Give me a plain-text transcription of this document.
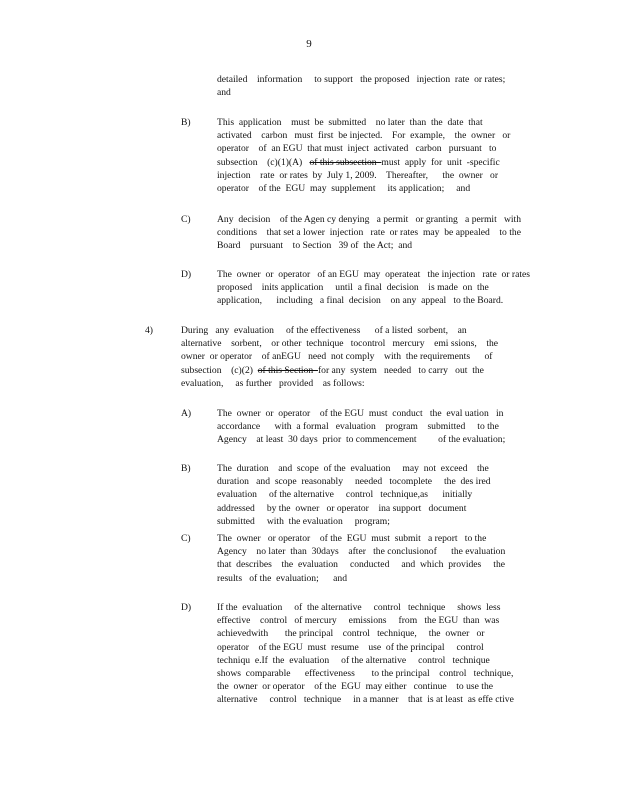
9
detailed    information     to support   the proposed   injection  rate  or rates;
and
B)	This  application    must  be  submitted    no later  than  the  date  that
activated    carbon   must  first  be injected.    For  example,    the  owner   or
operator    of  an EGU  that must  inject  activated   carbon   pursuant   to
subsection    (c)(1)(A)   of this subsection  must  apply  for  unit  -specific
injection    rate  or rates  by  July 1, 2009.    Thereafter,      the  owner   or
operator    of the  EGU  may  supplement     its application;     and
C)	Any  decision    of the Agen cy denying   a permit   or granting   a permit   with
conditions    that set a lower  injection   rate  or rates  may  be appealed    to the
Board    pursuant    to Section   39 of  the Act;  and
D)	The  owner  or  operator   of an EGU  may  operateat   the injection   rate  or rates
proposed    inits application     until  a final  decision    is made  on  the
application,      including   a final  decision    on any  appeal   to the Board.
4)	During   any  evaluation     of the effectiveness      of a listed  sorbent,    an
alternative    sorbent,    or other  technique   tocontrol   mercury    emi ssions,    the
owner  or operator    of anEGU   need  not comply    with  the requirements      of
subsection    (c)(2)  of this Section  for any  system   needed   to carry   out  the
evaluation,     as further   provided    as follows:
A)	The  owner  or  operator    of the EGU  must  conduct   the  eval uation   in
accordance      with  a formal   evaluation    program    submitted     to the
Agency    at least  30 days  prior  to commencement         of the evaluation;
B)	The  duration    and  scope  of the  evaluation     may  not  exceed    the
duration   and  scope  reasonably     needed   tocomplete     the  des ired
evaluation     of the alternative     control   technique,as      initially
addressed     by the  owner   or operator    ina support   document
submitted     with  the evaluation     program;
C)	The  owner   or operator    of the  EGU  must  submit   a report   to the
Agency    no later  than  30days    after   the conclusionof      the evaluation
that  describes    the  evaluation     conducted     and  which  provides     the
results   of the  evaluation;      and
D)	If the  evaluation     of  the alternative     control   technique     shows  less
effective    control   of mercury     emissions     from   the EGU  than  was
achievedwith       the principal    control   technique,     the  owner   or
operator    of the EGU  must  resume    use  of the principal     control
techniqu  e.If  the  evaluation     of the alternative     control   technique
shows  comparable      effectiveness       to the principal    control   technique,
the  owner  or operator    of the  EGU  may either   continue    to use the
alternative     control   technique     in a manner    that  is at least  as effe ctive
